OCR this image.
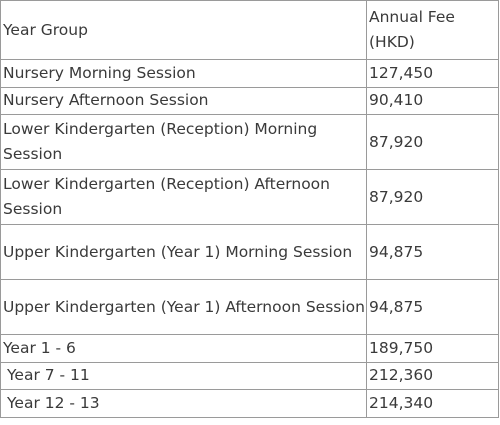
Year Group	Annual Fee (HKD)
Nursery Morning Session	127,450
Nursery Afternoon Session	90,410
Lower Kindergarten (Reception) Morning Session	87,920
Lower Kindergarten (Reception) Afternoon Session	87,920
Upper Kindergarten (Year 1) Morning Session	94,875
Upper Kindergarten (Year 1) Afternoon Session	94,875
Year 1 - 6	189,750
Year 7 - 11	212,360
Year 12 - 13	214,340
